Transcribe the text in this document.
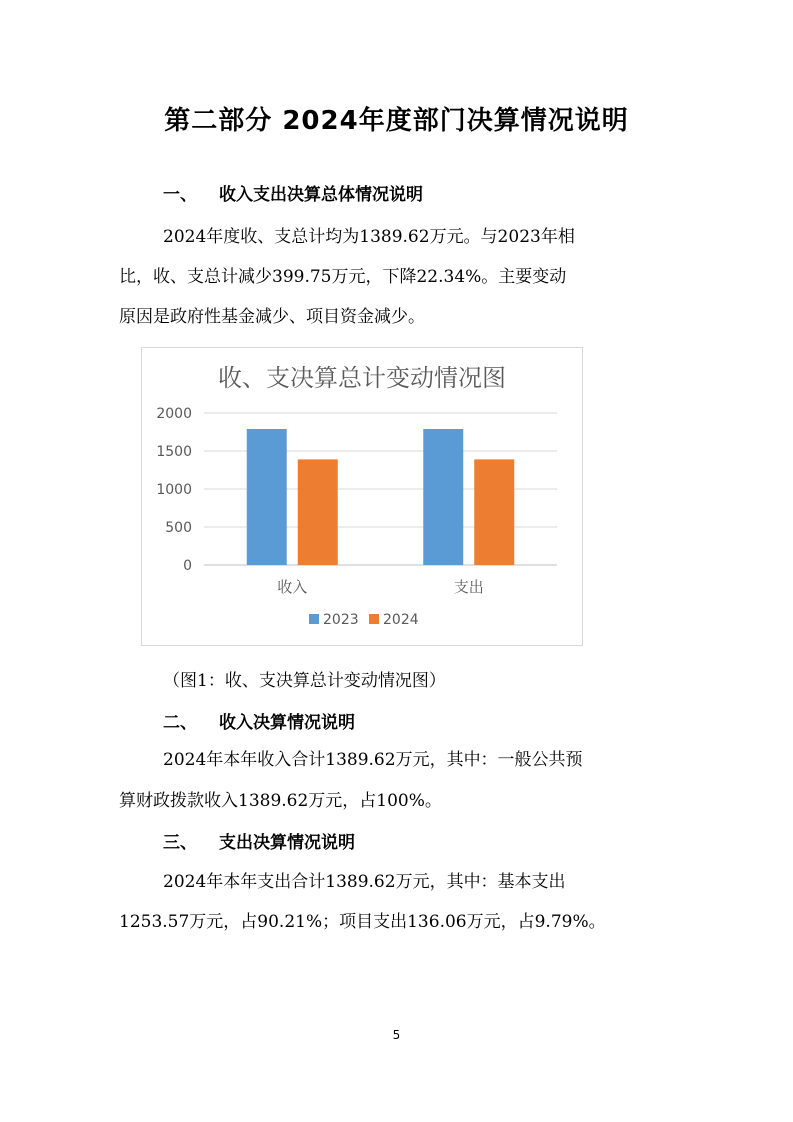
第二部分 2024年度部门决算情况说明
一、 收入支出决算总体情况说明
2024年度收、支总计均为1389.62万元。与2023年相
比，收、支总计减少399.75万元，下降22.34%。主要变动
原因是政府性基金减少、项目资金减少。
收、支决算总计变动情况图
0
500
1000
1500
2000
收入	支出
2023 2024
（图1：收、支决算总计变动情况图）
二、 收入决算情况说明
2024年本年收入合计1389.62万元，其中：一般公共预
算财政拨款收入1389.62万元，占100%。
三、 支出决算情况说明
2024年本年支出合计1389.62万元，其中：基本支出
1253.57万元，占90.21%；项目支出136.06万元，占9.79%。
5
